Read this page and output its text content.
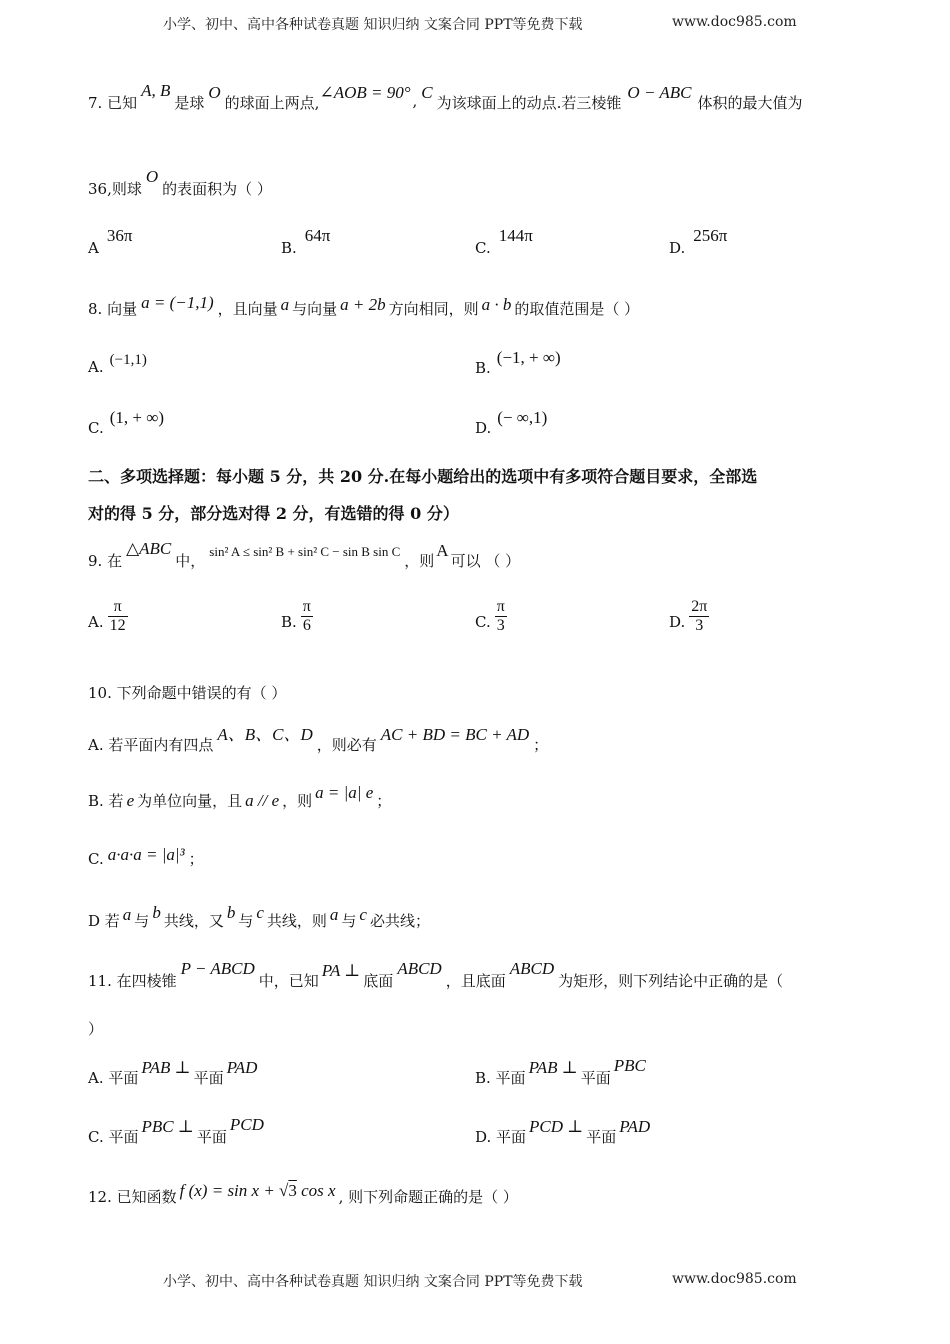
小学、初中、高中各种试卷真题 知识归纳 文案合同 PPT等免费下载	www.doc985.com
7. 已知A, B是球O的球面上两点,∠AOB = 90° , C为该球面上的动点.若三棱锥O − ABC体积的最大值为
36,则球O的表面积为（ ）
A36π
B.64π
C.144π
D.256π
8. 向量 a = (−1,1) ，且向量 a 与向量 a + 2b 方向相同，则 a · b 的取值范围是（ ）
A. (−1,1)	B.(−1, + ∞)
C.(1, + ∞)
D.(− ∞,1)
二、多项选择题：每小题 5 分，共 20 分.在每小题给出的选项中有多项符合题目要求，全部选
对的得 5 分，部分选对得 2 分，有选错的得 0 分）
9. 在△ABC中，sin² A ≤ sin² B + sin² C − sin B sin C，则A可以 （ ）
A. $\frac{\pi}{12}$	B. $\frac{\pi}{6}$	C. $\frac{\pi}{3}$	D. $\frac{2\pi}{3}$
10. 下列命题中错误的有（ ）
A. 若平面内有四点A、B、C、D，则必有AC + BD = BC + AD；
B. 若 e 为单位向量，且 a // e ，则 a = |a| e ；
C. a·a·a = |a|³ ；
D 若 a 与 b 共线，又 b 与 c 共线，则 a 与 c 必共线；
11. 在四棱锥P − ABCD中，已知PA ⊥底面ABCD，且底面ABCD为矩形，则下列结论中正确的是（
）
A. 平面PAB ⊥平面PAD
B. 平面PAB ⊥平面PBC
C. 平面PBC ⊥平面PCD
D. 平面PCD ⊥平面PAD
12. 已知函数 f (x) = sin x + √3 cos x , 则下列命题正确的是（ ）
小学、初中、高中各种试卷真题 知识归纳 文案合同 PPT等免费下载	www.doc985.com
